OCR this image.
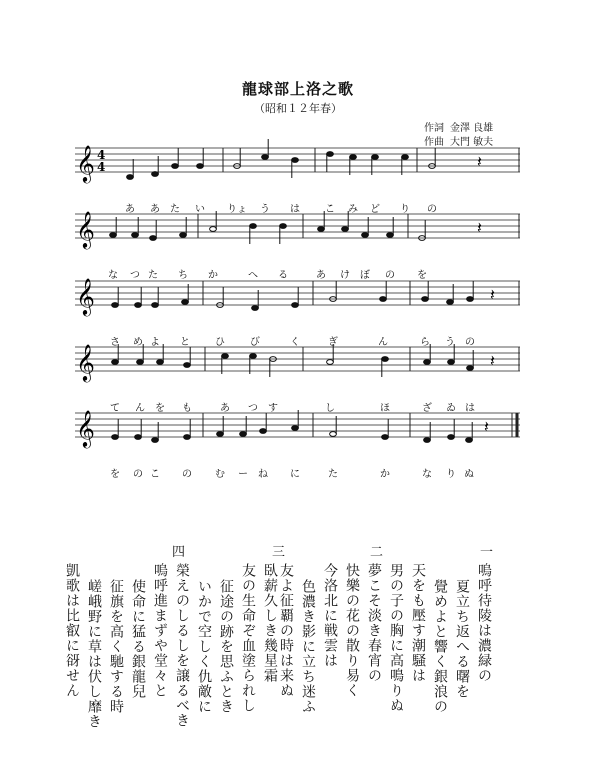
龍球部上洛之歌
（昭和１２年春）
作詞 金澤 良雄
作曲 大門 敏夫
𝄞 4
4	𝄽
あ あ た い りょ う は	こ み ど り の
𝄞	𝄽
な つ た ち か	へ る	あ け ぼ の を
𝄞	𝄽
さ め よ と	ひ	び	く	ぎ	ん	ら う の
𝄞	𝄽
て ん を も	あ つ す	し	ほ	ざ ゐ は
𝄞	𝄽
を の こ の む ー ね に	た	か	な り ぬ
一
嗚呼待陵は濃緑の
夏立ち返へる曙を
覺めよと響く銀浪の
天をも壓す潮騒は
男の子の胸に高鳴りぬ
二
夢こそ淡き春宵の
快樂の花の散り易く
今洛北に戦雲は
色濃き影に立ち迷ふ
友よ征覇の時は来ぬ
三
臥薪久しき幾星霜
友の生命ぞ血塗られし
征途の跡を思ふとき
いかで空しく仇敵に
榮えのしるしを譲るべき
四
嗚呼進まずや堂々と
使命に猛る銀龍兒
征旗を高く馳する時
嵯峨野に草は伏し靡き
凱歌は比叡に谺せん
